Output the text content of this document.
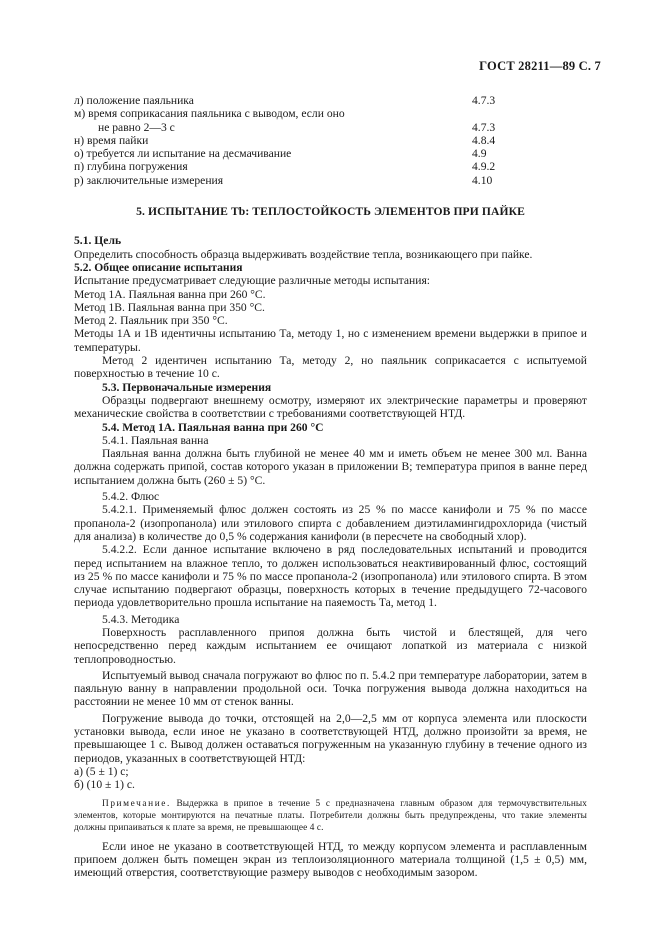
ГОСТ 28211—89 С. 7
л) положение паяльника	4.7.3
м) время соприкасания паяльника с выводом, если оно
не равно 2—3 с	4.7.3
н) время пайки	4.8.4
о) требуется ли испытание на десмачивание	4.9
п) глубина погружения	4.9.2
р) заключительные измерения	4.10
5. ИСПЫТАНИЕ Tb: ТЕПЛОСТОЙКОСТЬ ЭЛЕМЕНТОВ ПРИ ПАЙКЕ

5.1. Цель

Определить способность образца выдерживать воздействие тепла, возникающего при пайке.

5.2. Общее описание испытания

Испытание предусматривает следующие различные методы испытания:

Метод 1А. Паяльная ванна при 260 °С.

Метод 1В. Паяльная ванна при 350 °С.

Метод 2. Паяльник при 350 °С.

Методы 1А и 1В идентичны испытанию Та, методу 1, но с изменением времени выдержки в припое и температуры.

Метод 2 идентичен испытанию Та, методу 2, но паяльник соприкасается с испытуемой поверхностью в течение 10 с.

5.3. Первоначальные измерения

Образцы подвергают внешнему осмотру, измеряют их электрические параметры и проверяют механические свойства в соответствии с требованиями соответствующей НТД.

5.4. Метод 1А. Паяльная ванна при 260 °С

5.4.1. Паяльная ванна

Паяльная ванна должна быть глубиной не менее 40 мм и иметь объем не менее 300 мл. Ванна должна содержать припой, состав которого указан в приложении В; температура припоя в ванне перед испытанием должна быть (260 ± 5) °С.

5.4.2. Флюс

5.4.2.1. Применяемый флюс должен состоять из 25 % по массе канифоли и 75 % по массе пропанола-2 (изопропанола) или этилового спирта с добавлением диэтиламингидрохлорида (чистый для анализа) в количестве до 0,5 % содержания канифоли (в пересчете на свободный хлор).

5.4.2.2. Если данное испытание включено в ряд последовательных испытаний и проводится перед испытанием на влажное тепло, то должен использоваться неактивированный флюс, состоящий из 25 % по массе канифоли и 75 % по массе пропанола-2 (изопропанола) или этилового спирта. В этом случае испытанию подвергают образцы, поверхность которых в течение предыдущего 72-часового периода удовлетворительно прошла испытание на паяемость Та, метод 1.

5.4.3. Методика

Поверхность расплавленного припоя должна быть чистой и блестящей, для чего непосредственно перед каждым испытанием ее очищают лопаткой из материала с низкой теплопроводностью.

Испытуемый вывод сначала погружают во флюс по п. 5.4.2 при температуре лаборатории, затем в паяльную ванну в направлении продольной оси. Точка погружения вывода должна находиться на расстоянии не менее 10 мм от стенок ванны.

Погружение вывода до точки, отстоящей на 2,0—2,5 мм от корпуса элемента или плоскости установки вывода, если иное не указано в соответствующей НТД, должно произойти за время, не превышающее 1 с. Вывод должен оставаться погруженным на указанную глубину в течение одного из периодов, указанных в соответствующей НТД:

а) (5 ± 1) с;

б) (10 ± 1) с.

Примечание. Выдержка в припое в течение 5 с предназначена главным образом для термочувствительных элементов, которые монтируются на печатные платы. Потребители должны быть предупреждены, что такие элементы должны припаиваться к плате за время, не превышающее 4 с.

Если иное не указано в соответствующей НТД, то между корпусом элемента и расплавленным припоем должен быть помещен экран из теплоизоляционного материала толщиной (1,5 ± 0,5) мм, имеющий отверстия, соответствующие размеру выводов с необходимым зазором.
